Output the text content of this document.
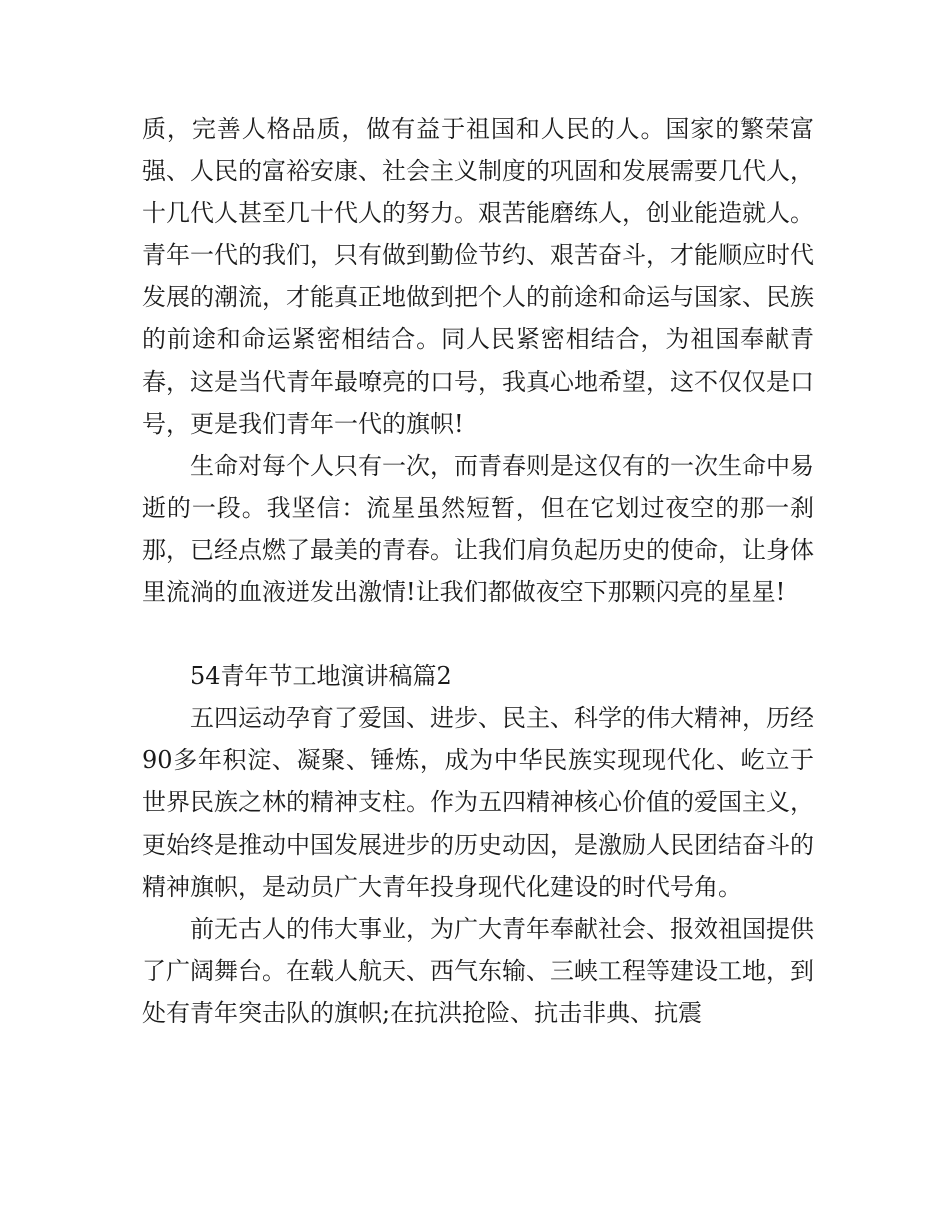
质，完善人格品质，做有益于祖国和人民的人。国家的繁荣富强、人民的富裕安康、社会主义制度的巩固和发展需要几代人，十几代人甚至几十代人的努力。艰苦能磨练人，创业能造就人。青年一代的我们，只有做到勤俭节约、艰苦奋斗，才能顺应时代发展的潮流，才能真正地做到把个人的前途和命运与国家、民族的前途和命运紧密相结合。同人民紧密相结合，为祖国奉献青春，这是当代青年最嘹亮的口号，我真心地希望，这不仅仅是口号，更是我们青年一代的旗帜!

生命对每个人只有一次，而青春则是这仅有的一次生命中易逝的一段。我坚信：流星虽然短暂，但在它划过夜空的那一刹那，已经点燃了最美的青春。让我们肩负起历史的使命，让身体里流淌的血液迸发出激情!让我们都做夜空下那颗闪亮的星星!

54青年节工地演讲稿篇2

五四运动孕育了爱国、进步、民主、科学的伟大精神，历经90多年积淀、凝聚、锤炼，成为中华民族实现现代化、屹立于世界民族之林的精神支柱。作为五四精神核心价值的爱国主义，更始终是推动中国发展进步的历史动因，是激励人民团结奋斗的精神旗帜，是动员广大青年投身现代化建设的时代号角。

前无古人的伟大事业，为广大青年奉献社会、报效祖国提供了广阔舞台。在载人航天、西气东输、三峡工程等建设工地，到处有青年突击队的旗帜;在抗洪抢险、抗击非典、抗震
